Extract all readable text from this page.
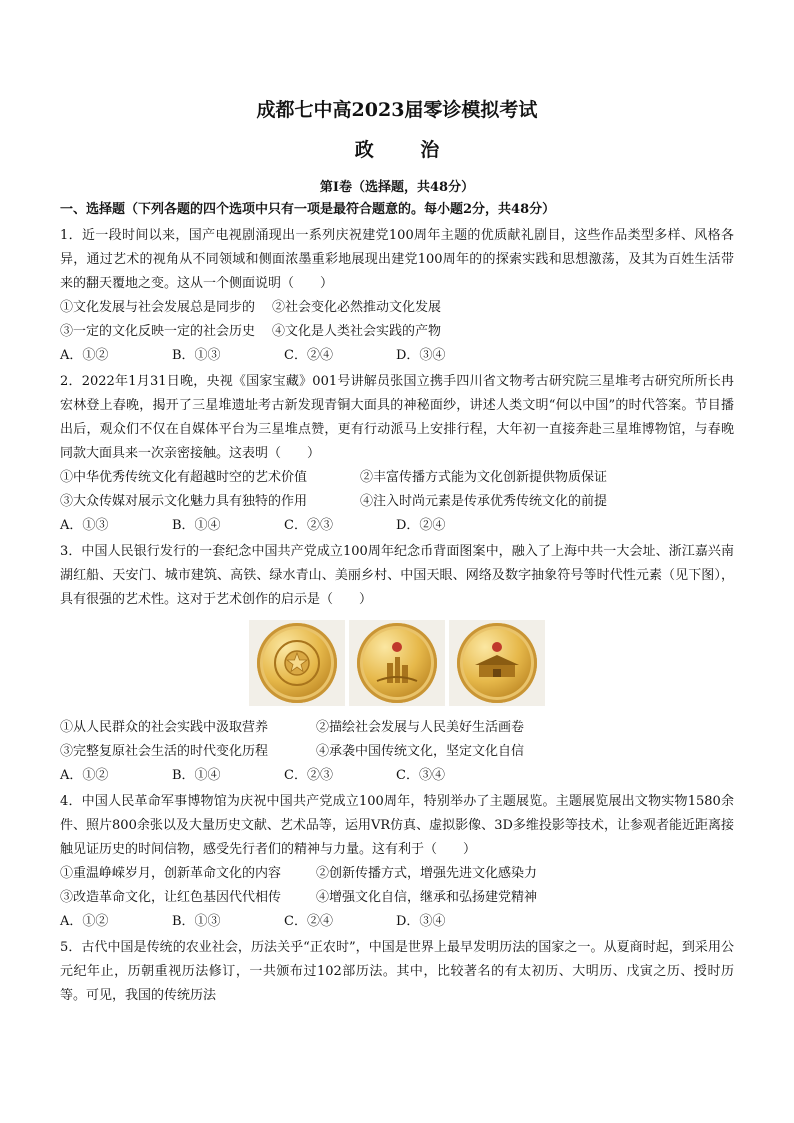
成都七中高2023届零诊模拟考试
政 治
第Ⅰ卷（选择题，共48分）
一、选择题（下列各题的四个选项中只有一项是最符合题意的。每小题2分，共48分）

1．近一段时间以来，国产电视剧涌现出一系列庆祝建党100周年主题的优质献礼剧目，这些作品类型多样、风格各异，通过艺术的视角从不同领域和侧面浓墨重彩地展现出建党100周年的的探索实践和思想激荡，及其为百姓生活带来的翻天覆地之变。这从一个侧面说明（　　）

①文化发展与社会发展总是同步的	②社会变化必然推动文化发展
③一定的文化反映一定的社会历史	④文化是人类社会实践的产物
A．①②	B．①③	C．②④	D．③④

2．2022年1月31日晚，央视《国家宝藏》001号讲解员张国立携手四川省文物考古研究院三星堆考古研究所所长冉宏林登上春晚，揭开了三星堆遗址考古新发现青铜大面具的神秘面纱，讲述人类文明“何以中国”的时代答案。节目播出后，观众们不仅在自媒体平台为三星堆点赞，更有行动派马上安排行程，大年初一直接奔赴三星堆博物馆，与春晚同款大面具来一次亲密接触。这表明（　　）

①中华优秀传统文化有超越时空的艺术价值	②丰富传播方式能为文化创新提供物质保证
③大众传媒对展示文化魅力具有独特的作用	④注入时尚元素是传承优秀传统文化的前提
A．①③	B．①④	C．②③	D．②④

3．中国人民银行发行的一套纪念中国共产党成立100周年纪念币背面图案中，融入了上海中共一大会址、浙江嘉兴南湖红船、天安门、城市建筑、高铁、绿水青山、美丽乡村、中国天眼、网络及数字抽象符号等时代性元素（见下图），具有很强的艺术性。这对于艺术创作的启示是（　　）

①从人民群众的社会实践中汲取营养	②描绘社会发展与人民美好生活画卷
③完整复原社会生活的时代变化历程	④承袭中国传统文化，坚定文化自信
A．①②	B．①④	C．②③	C．③④

4．中国人民革命军事博物馆为庆祝中国共产党成立100周年，特别举办了主题展览。主题展览展出文物实物1580余件、照片800余张以及大量历史文献、艺术品等，运用VR仿真、虚拟影像、3D多维投影等技术，让参观者能近距离接触见证历史的时间信物，感受先行者们的精神与力量。这有利于（　　）

①重温峥嵘岁月，创新革命文化的内容	②创新传播方式，增强先进文化感染力
③改造革命文化，让红色基因代代相传	④增强文化自信，继承和弘扬建党精神
A．①②	B．①③	C．②④	D．③④

5．古代中国是传统的农业社会，历法关乎“正农时”，中国是世界上最早发明历法的国家之一。从夏商时起，到采用公元纪年止，历朝重视历法修订，一共颁布过102部历法。其中，比较著名的有太初历、大明历、戊寅之历、授时历等。可见，我国的传统历法
